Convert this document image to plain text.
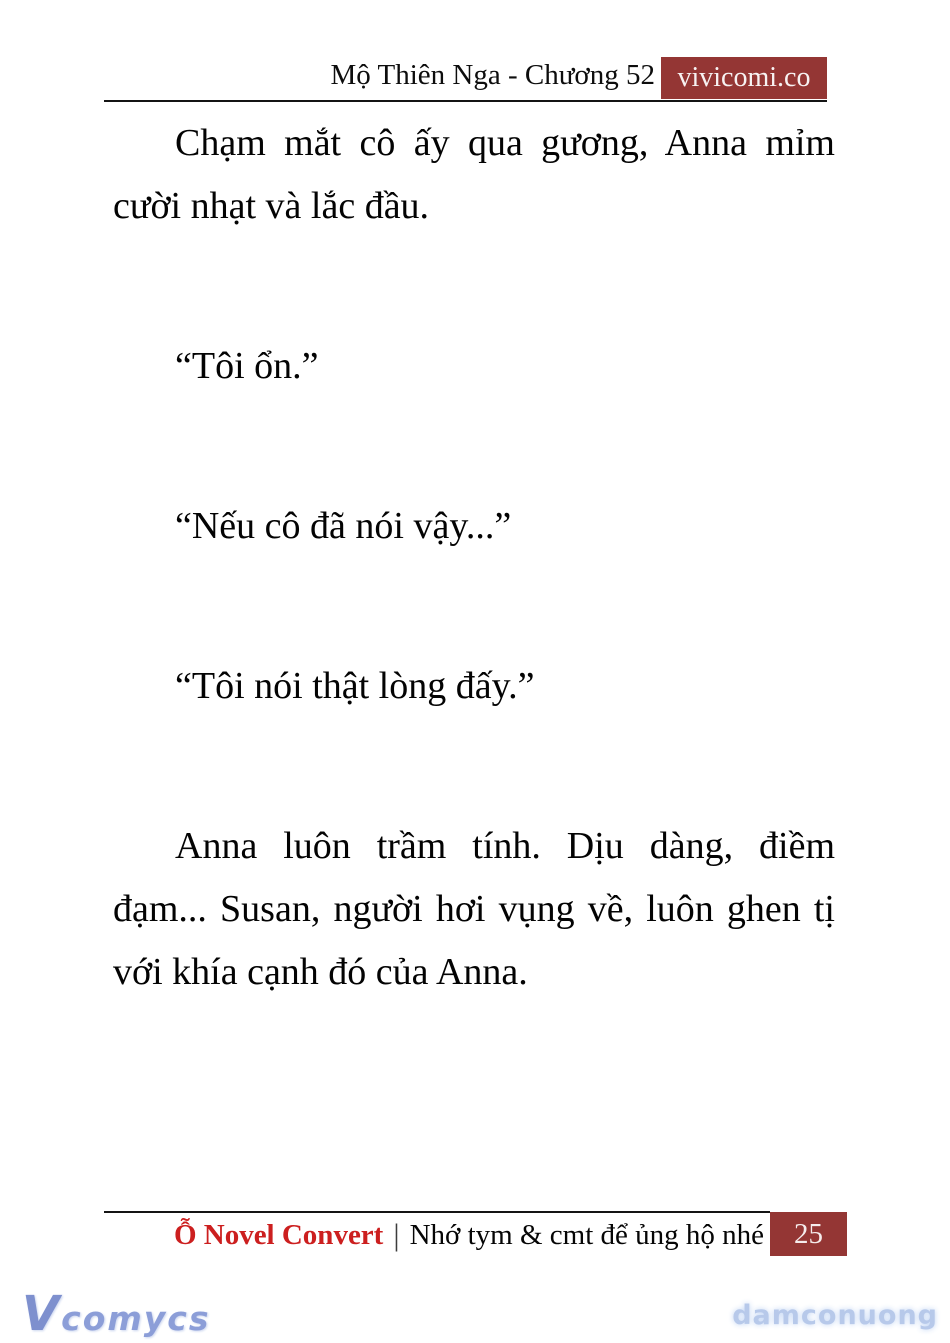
Mộ Thiên Nga - Chương 52 vivicomi.co

Chạm mắt cô ấy qua gương, Anna mỉm cười nhạt và lắc đầu.

“Tôi ổn.”

“Nếu cô đã nói vậy...”

“Tôi nói thật lòng đấy.”

Anna luôn trầm tính. Dịu dàng, điềm đạm... Susan, người hơi vụng về, luôn ghen tị với khía cạnh đó của Anna.

Ỗ Novel Convert | Nhớ tym & cmt để ủng hộ nhé	25
Vcomycs	damconuong
